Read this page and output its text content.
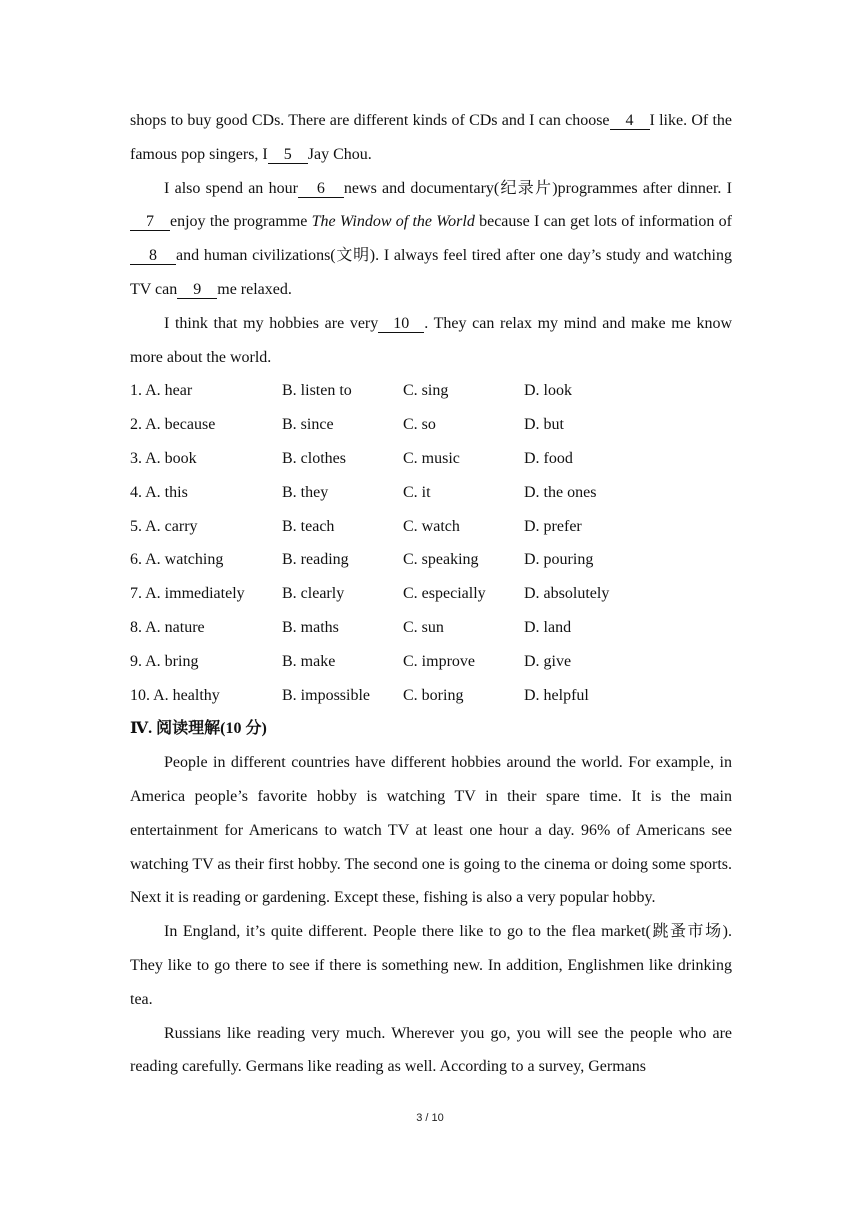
shops to buy good CDs. There are different kinds of CDs and I can choose 4 I like. Of the famous pop singers, I 5 Jay Chou.

I also spend an hour 6 news and documentary(纪录片)programmes after dinner. I7 enjoy the programme The Window of the World because I can get lots of information of8 and human civilizations(文明). I always feel tired after one day’s study and watching TV can 9 me relaxed.

I think that my hobbies are very 10 . They can relax my mind and make me know more about the world.

1. A. hear	B. listen to	C. sing	D. look
2. A. because	B. since	C. so	D. but
3. A. book	B. clothes	C. music	D. food
4. A. this	B. they	C. it	D. the ones
5. A. carry	B. teach	C. watch	D. prefer
6. A. watching	B. reading	C. speaking	D. pouring
7. A. immediately	B. clearly	C. especially	D. absolutely
8. A. nature	B. maths	C. sun	D. land
9. A. bring	B. make	C. improve	D. give
10. A. healthy	B. impossible	C. boring	D. helpful

Ⅳ. 阅读理解(10 分)

People in different countries have different hobbies around the world. For example, in America people’s favorite hobby is watching TV in their spare time. It is the main entertainment for Americans to watch TV at least one hour a day. 96% of Americans see watching TV as their first hobby. The second one is going to the cinema or doing some sports. Next it is reading or gardening. Except these, fishing is also a very popular hobby.

In England, it’s quite different. People there like to go to the flea market(跳蚤市场). They like to go there to see if there is something new. In addition, Englishmen like drinking tea.

Russians like reading very much. Wherever you go, you will see the people who are reading carefully. Germans like reading as well. According to a survey, Germans

3 / 10
